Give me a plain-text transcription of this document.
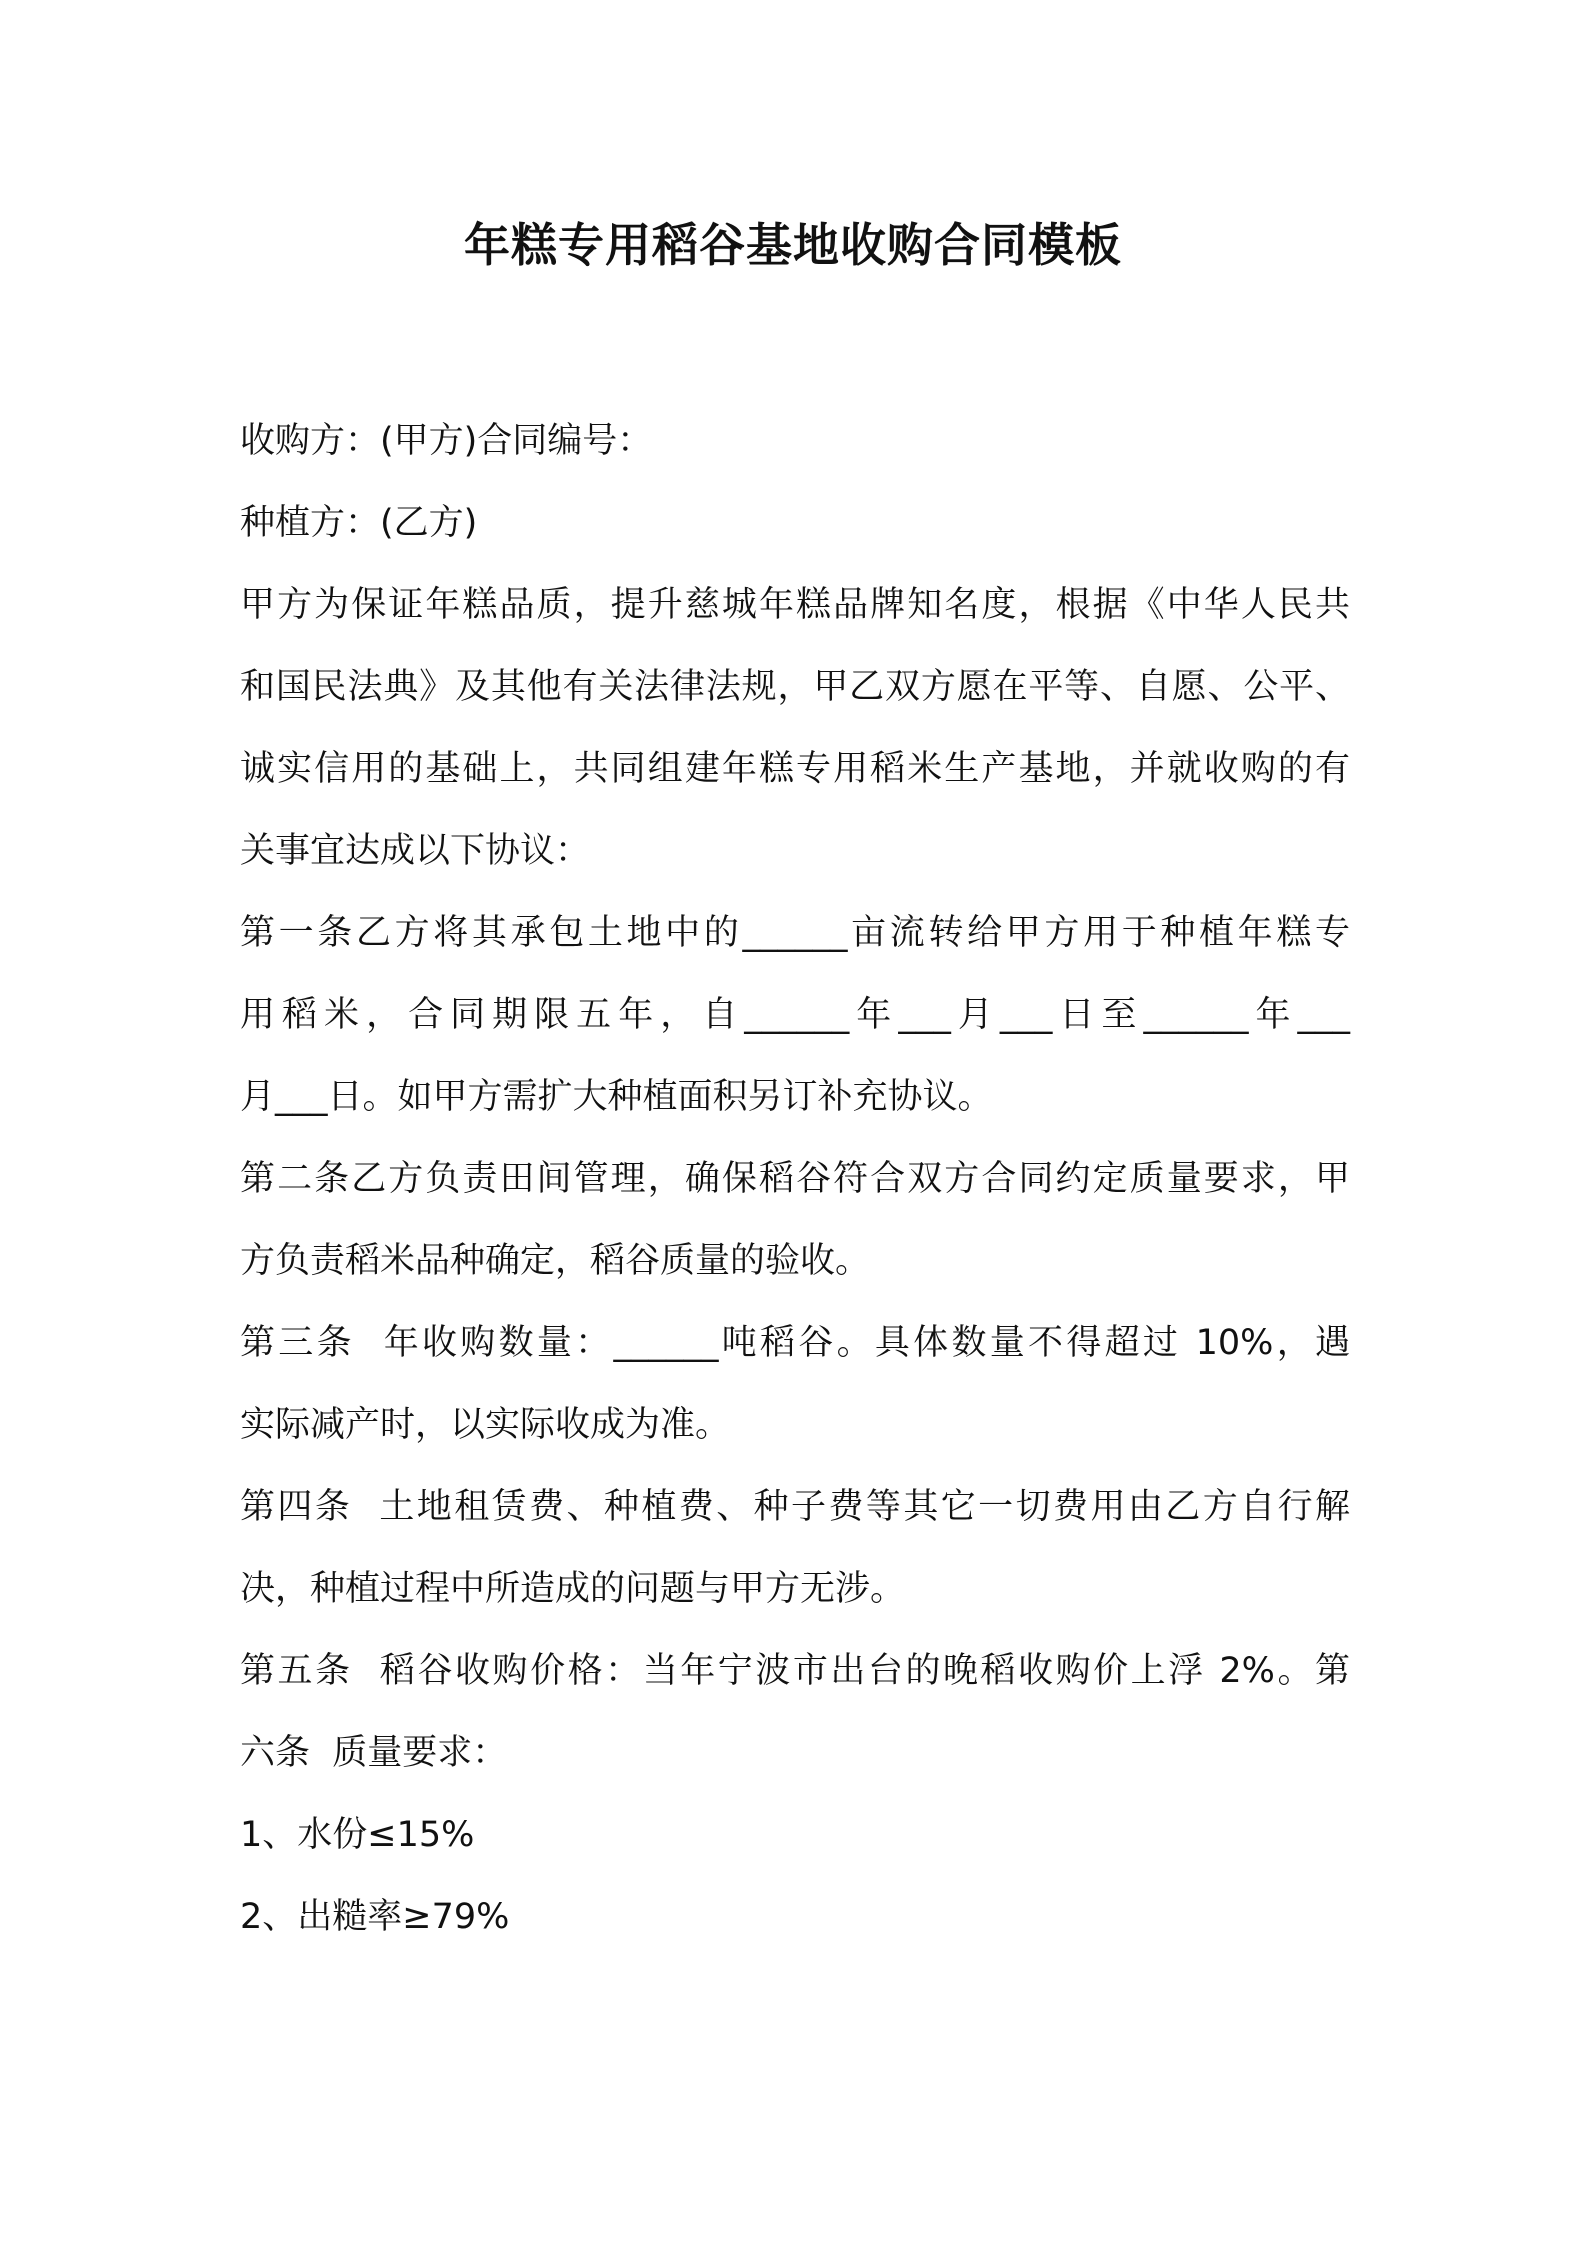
年糕专用稻谷基地收购合同模板
收购方：(甲方)合同编号：
种植方：(乙方)
甲方为保证年糕品质，提升慈城年糕品牌知名度，根据《中华人民共
和国民法典》及其他有关法律法规，甲乙双方愿在平等、自愿、公平、
诚实信用的基础上，共同组建年糕专用稻米生产基地，并就收购的有
关事宜达成以下协议：
第一条乙方将其承包土地中的______亩流转给甲方用于种植年糕专
用稻米，合同期限五年，自______年___月___日至______年___
月___日。如甲方需扩大种植面积另订补充协议。
第二条乙方负责田间管理，确保稻谷符合双方合同约定质量要求，甲
方负责稻米品种确定，稻谷质量的验收。
第三条  年收购数量：______吨稻谷。具体数量不得超过 10%，遇
实际减产时，以实际收成为准。
第四条  土地租赁费、种植费、种子费等其它一切费用由乙方自行解
决，种植过程中所造成的问题与甲方无涉。
第五条  稻谷收购价格：当年宁波市出台的晚稻收购价上浮 2%。第
六条  质量要求：
1、水份≤15%
2、出糙率≥79%
